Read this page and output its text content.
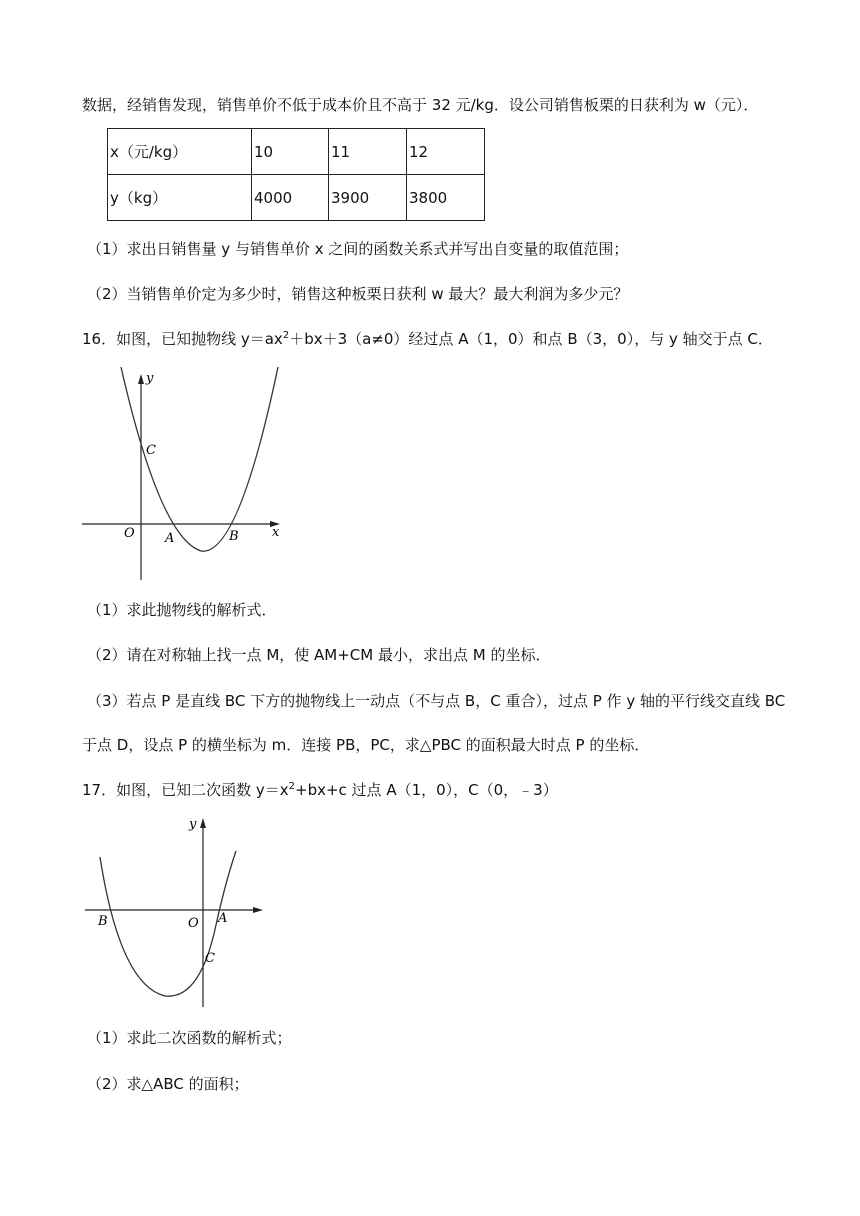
数据，经销售发现，销售单价不低于成本价且不高于 32 元/kg．设公司销售板栗的日获利为 w（元）．
x（元/kg）	10	11	12
y（kg）	4000	3900	3800
（1）求出日销售量 y 与销售单价 x 之间的函数关系式并写出自变量的取值范围；
（2）当销售单价定为多少时，销售这种板栗日获利 w 最大？最大利润为多少元？
16．如图，已知抛物线 $y=ax^2+bx+3(a\ne 0)$经过点 A（1，0）和点 B（3，0），与 y 轴交于点 C．
y
x
O A	B
C
（1）求此抛物线的解析式．
（2）请在对称轴上找一点 M，使 AM+CM 最小，求出点 M 的坐标．
（3）若点 P 是直线 BC 下方的抛物线上一动点（不与点 B，C 重合），过点 P 作 y 轴的平行线交直线 BC
于点 D，设点 P 的横坐标为 m．连接 PB，PC，求△PBC 的面积最大时点 P 的坐标．
17．如图，已知二次函数 $y=x^2+bx+c$ 过点 A（1，0），C（0，﹣3）
y
B	O A
C
（1）求此二次函数的解析式；
（2）求△ABC 的面积；
